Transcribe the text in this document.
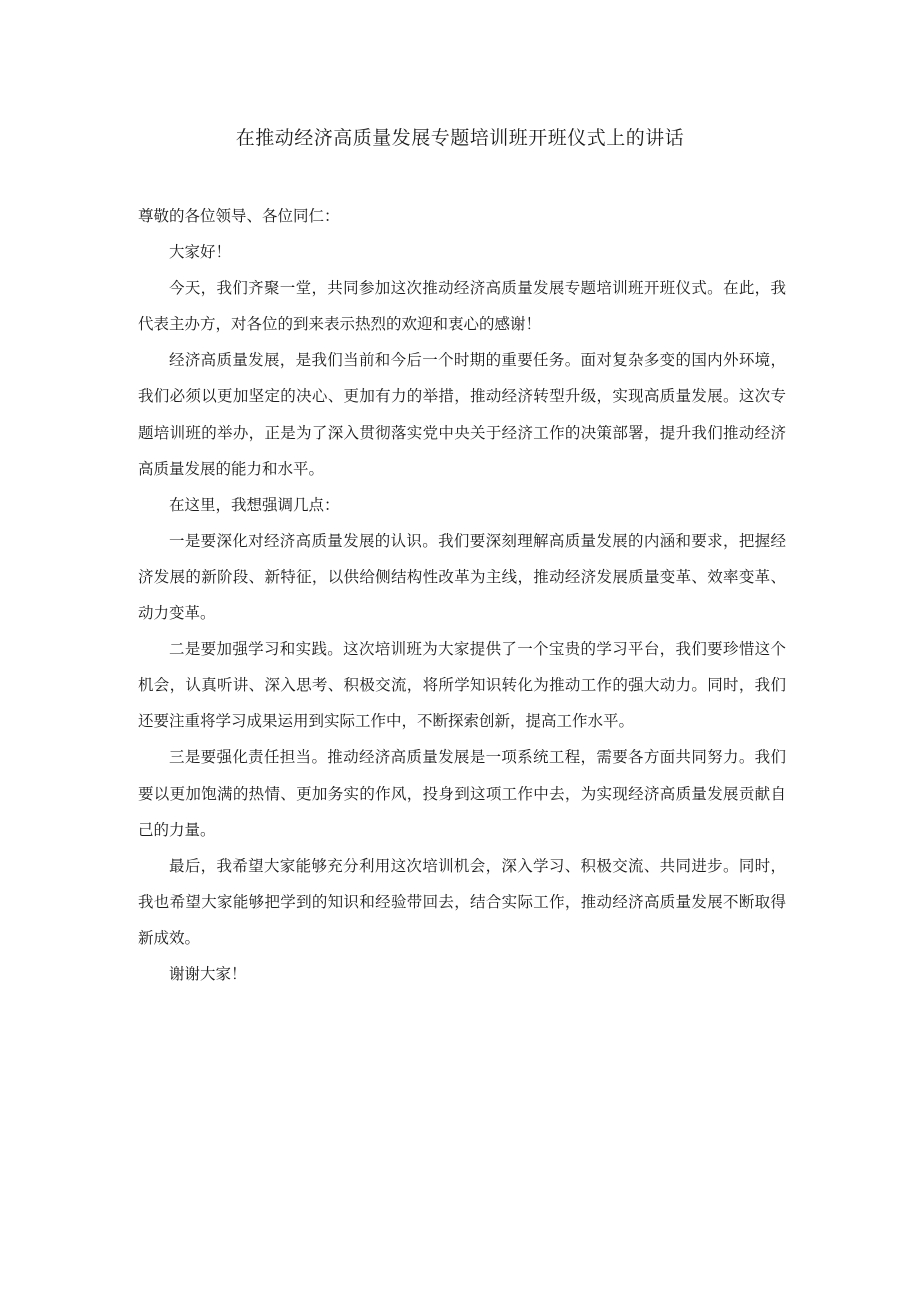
在推动经济高质量发展专题培训班开班仪式上的讲话

尊敬的各位领导、各位同仁：

大家好！

今天，我们齐聚一堂，共同参加这次推动经济高质量发展专题培训班开班仪式。在此，我代表主办方，对各位的到来表示热烈的欢迎和衷心的感谢！

经济高质量发展，是我们当前和今后一个时期的重要任务。面对复杂多变的国内外环境，我们必须以更加坚定的决心、更加有力的举措，推动经济转型升级，实现高质量发展。这次专题培训班的举办，正是为了深入贯彻落实党中央关于经济工作的决策部署，提升我们推动经济高质量发展的能力和水平。

在这里，我想强调几点：

一是要深化对经济高质量发展的认识。我们要深刻理解高质量发展的内涵和要求，把握经济发展的新阶段、新特征，以供给侧结构性改革为主线，推动经济发展质量变革、效率变革、动力变革。

二是要加强学习和实践。这次培训班为大家提供了一个宝贵的学习平台，我们要珍惜这个机会，认真听讲、深入思考、积极交流，将所学知识转化为推动工作的强大动力。同时，我们还要注重将学习成果运用到实际工作中，不断探索创新，提高工作水平。

三是要强化责任担当。推动经济高质量发展是一项系统工程，需要各方面共同努力。我们要以更加饱满的热情、更加务实的作风，投身到这项工作中去，为实现经济高质量发展贡献自己的力量。

最后，我希望大家能够充分利用这次培训机会，深入学习、积极交流、共同进步。同时，我也希望大家能够把学到的知识和经验带回去，结合实际工作，推动经济高质量发展不断取得新成效。

谢谢大家！
